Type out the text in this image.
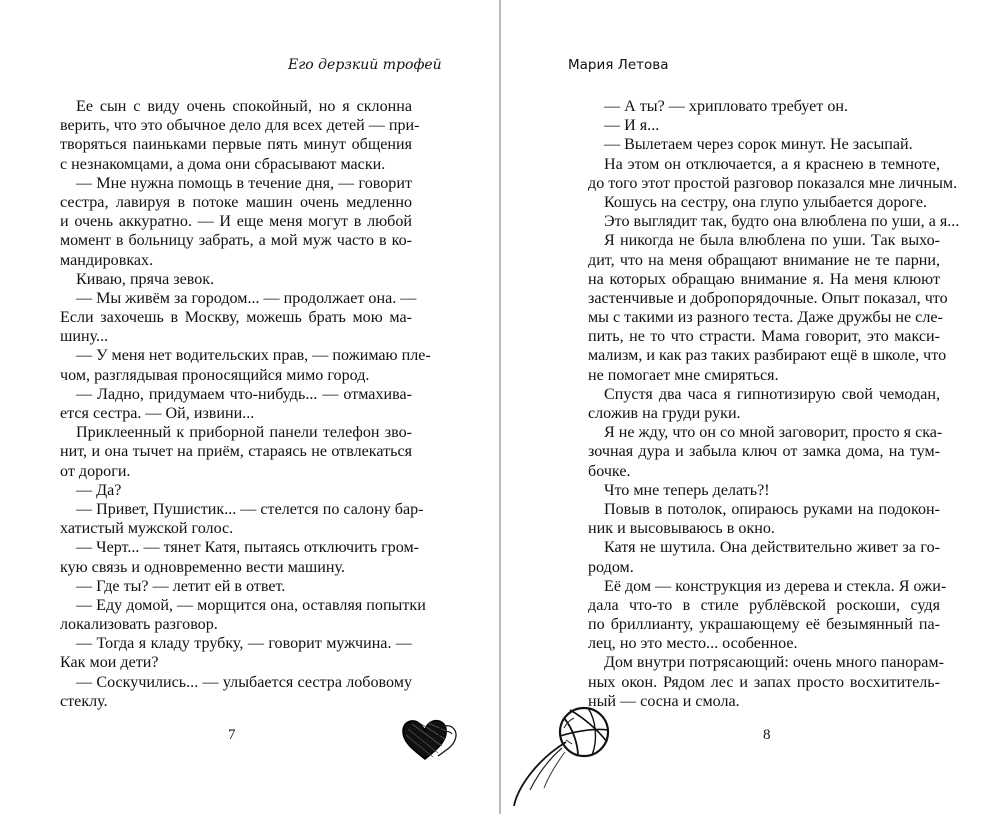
Его дерзкий трофей	Мария Летова
Ее сын с виду очень спокойный, но я склонна
верить, что это обычное дело для всех детей — при-
творяться паиньками первые пять минут общения
с незнакомцами, а дома они сбрасывают маски.
— Мне нужна помощь в течение дня, — говорит
сестра, лавируя в потоке машин очень медленно
и очень аккуратно. — И еще меня могут в любой
момент в больницу забрать, а мой муж часто в ко-
мандировках.
Киваю, пряча зевок.
— Мы живём за городом... — продолжает она. —
Если захочешь в Москву, можешь брать мою ма-
шину...
— У меня нет водительских прав, — пожимаю пле-
чом, разглядывая проносящийся мимо город.
— Ладно, придумаем что-нибудь... — отмахива-
ется сестра. — Ой, извини...
Приклеенный к приборной панели телефон зво-
нит, и она тычет на приём, стараясь не отвлекаться
от дороги.
— Да?
— Привет, Пушистик... — стелется по салону бар-
хатистый мужской голос.
— Черт... — тянет Катя, пытаясь отключить гром-
кую связь и одновременно вести машину.
— Где ты? — летит ей в ответ.
— Еду домой, — морщится она, оставляя попытки
локализовать разговор.
— Тогда я кладу трубку, — говорит мужчина. —
Как мои дети?
— Соскучились... — улыбается сестра лобовому
стеклу.
— А ты? — хрипловато требует он.
— И я...
— Вылетаем через сорок минут. Не засыпай.
На этом он отключается, а я краснею в темноте,
до того этот простой разговор показался мне личным.
Кошусь на сестру, она глупо улыбается дороге.
Это выглядит так, будто она влюблена по уши, а я...
Я никогда не была влюблена по уши. Так выхо-
дит, что на меня обращают внимание не те парни,
на которых обращаю внимание я. На меня клюют
застенчивые и добропорядочные. Опыт показал, что
мы с такими из разного теста. Даже дружбы не сле-
пить, не то что страсти. Мама говорит, это макси-
мализм, и как раз таких разбирают ещё в школе, что
не помогает мне смиряться.
Спустя два часа я гипнотизирую свой чемодан,
сложив на груди руки.
Я не жду, что он со мной заговорит, просто я ска-
зочная дура и забыла ключ от замка дома, на тум-
бочке.
Что мне теперь делать?!
Повыв в потолок, опираюсь руками на подокон-
ник и высовываюсь в окно.
Катя не шутила. Она действительно живет за го-
родом.
Её дом — конструкция из дерева и стекла. Я ожи-
дала что-то в стиле рублёвской роскоши, судя
по бриллианту, украшающему её безымянный па-
лец, но это место... особенное.
Дом внутри потрясающий: очень много панорам-
ных окон. Рядом лес и запах просто восхититель-
ный — сосна и смола.
7	8
